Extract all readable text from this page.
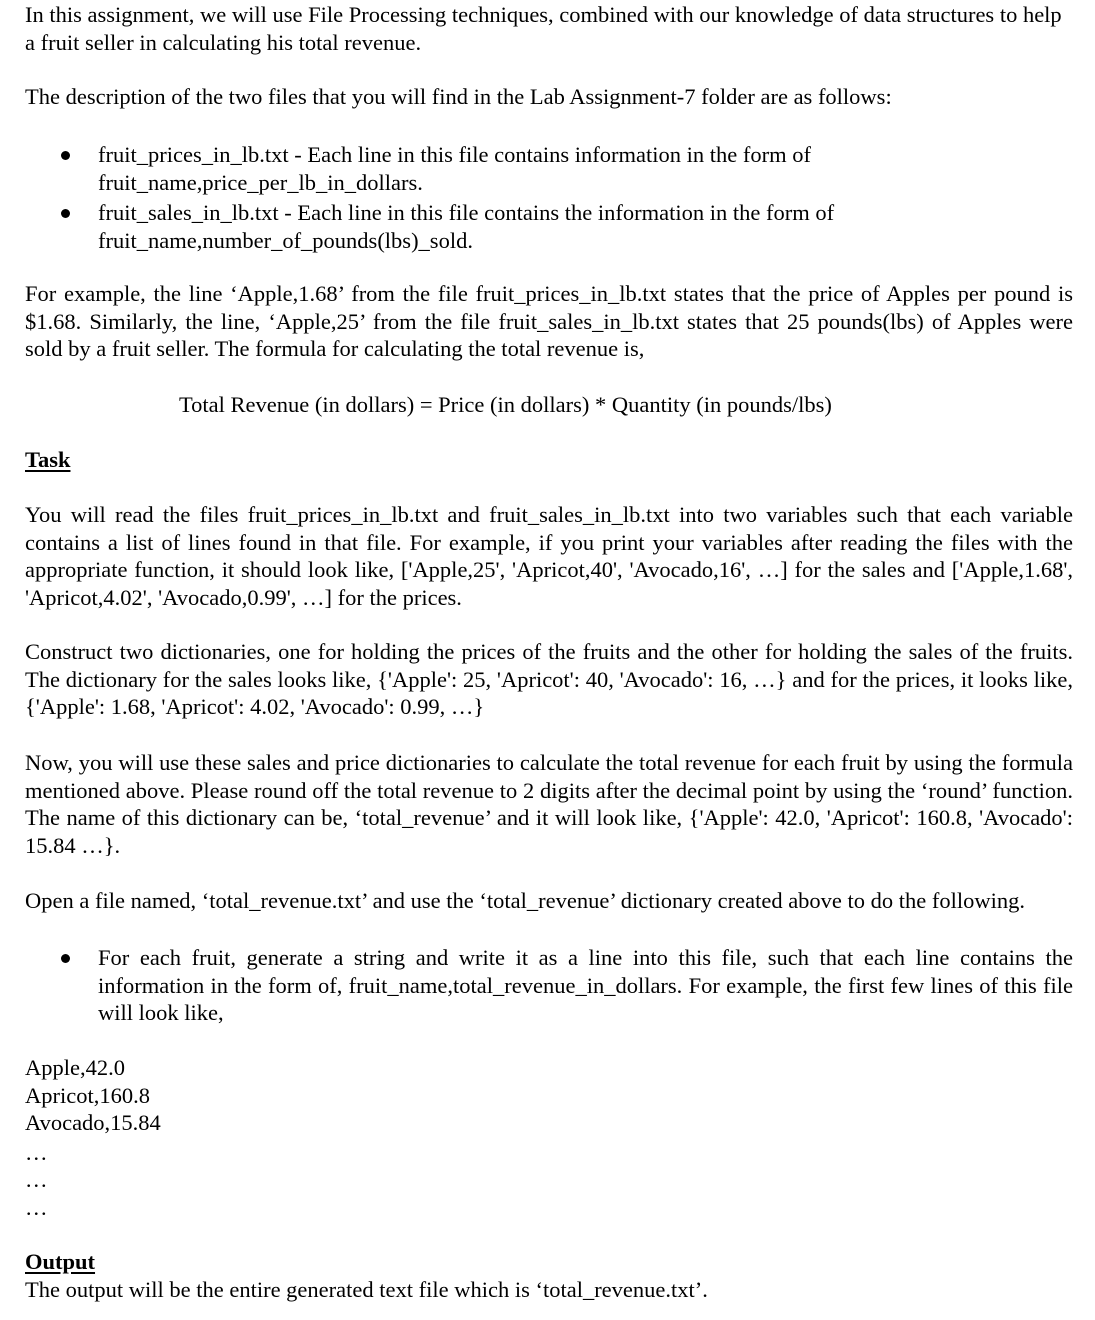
In this assignment, we will use File Processing techniques, combined with our knowledge of data structures to help a fruit seller in calculating his total revenue.

The description of the two files that you will find in the Lab Assignment-7 folder are as follows:

fruit_prices_in_lb.txt - Each line in this file contains information in the form of
fruit_name,price_per_lb_in_dollars.
fruit_sales_in_lb.txt - Each line in this file contains the information in the form of
fruit_name,number_of_pounds(lbs)_sold.

For example, the line ‘Apple,1.68’ from the file fruit_prices_in_lb.txt states that the price of Apples per pound is $1.68. Similarly, the line, ‘Apple,25’ from the file fruit_sales_in_lb.txt states that 25 pounds(lbs) of Apples were sold by a fruit seller. The formula for calculating the total revenue is,

Total Revenue (in dollars) = Price (in dollars) * Quantity (in pounds/lbs)
Task

You will read the files fruit_prices_in_lb.txt and fruit_sales_in_lb.txt into two variables such that each variable contains a list of lines found in that file. For example, if you print your variables after reading the files with the appropriate function, it should look like, ['Apple,25', 'Apricot,40', 'Avocado,16', …] for the sales and ['Apple,1.68', 'Apricot,4.02', 'Avocado,0.99', …] for the prices.

Construct two dictionaries, one for holding the prices of the fruits and the other for holding the sales of the fruits. The dictionary for the sales looks like, {'Apple': 25, 'Apricot': 40, 'Avocado': 16, …} and for the prices, it looks like, {'Apple': 1.68, 'Apricot': 4.02, 'Avocado': 0.99, …}

Now, you will use these sales and price dictionaries to calculate the total revenue for each fruit by using the formula mentioned above. Please round off the total revenue to 2 digits after the decimal point by using the ‘round’ function. The name of this dictionary can be, ‘total_revenue’ and it will look like, {'Apple': 42.0, 'Apricot': 160.8, 'Avocado': 15.84 …}.

Open a file named, ‘total_revenue.txt’ and use the ‘total_revenue’ dictionary created above to do the following.

For each fruit, generate a string and write it as a line into this file, such that each line contains the information in the form of, fruit_name,total_revenue_in_dollars. For example, the first few lines of this file will look like,

Apple,42.0
Apricot,160.8
Avocado,15.84
…
…
…
Output

The output will be the entire generated text file which is ‘total_revenue.txt’.
